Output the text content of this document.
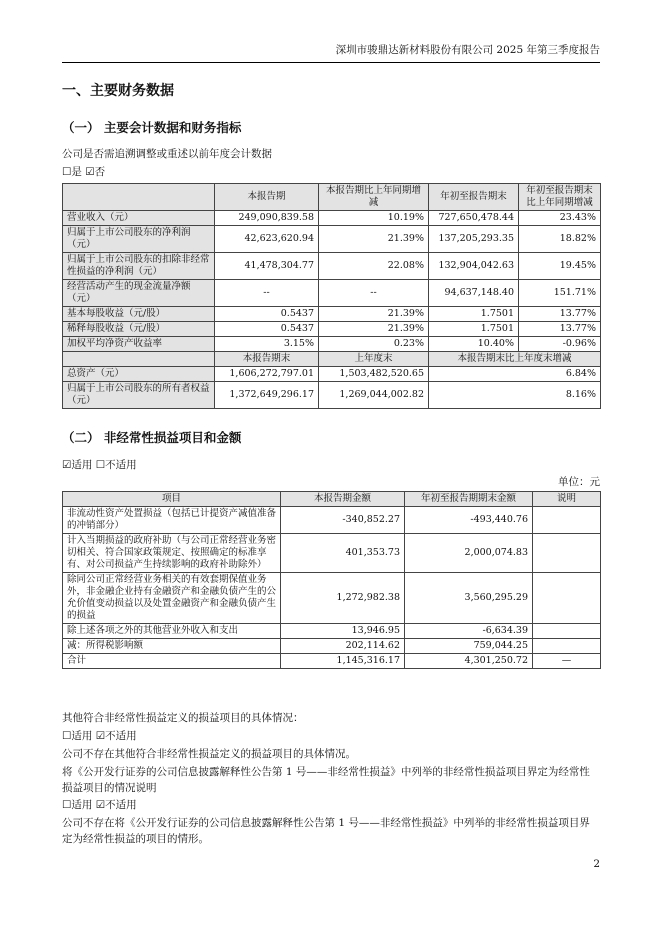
深圳市骏鼎达新材料股份有限公司 2025 年第三季度报告
一、主要财务数据
（一） 主要会计数据和财务指标
公司是否需追溯调整或重述以前年度会计数据
☐是 ☑否
	本报告期	本报告期比上年同期增减	年初至报告期末	年初至报告期末比上年同期增减
营业收入（元）	249,090,839.58	10.19%	727,650,478.44	23.43%
归属于上市公司股东的净利润（元）	42,623,620.94	21.39%	137,205,293.35	18.82%
归属于上市公司股东的扣除非经常性损益的净利润（元）	41,478,304.77	22.08%	132,904,042.63	19.45%
经营活动产生的现金流量净额（元）	--	--	94,637,148.40	151.71%
基本每股收益（元/股）	0.5437	21.39%	1.7501	13.77%
稀释每股收益（元/股）	0.5437	21.39%	1.7501	13.77%
加权平均净资产收益率	3.15%	0.23%	10.40%	-0.96%
	本报告期末	上年度末	本报告期末比上年度末增减	
总资产（元）	1,606,272,797.01	1,503,482,520.65	6.84%	
归属于上市公司股东的所有者权益（元）	1,372,649,296.17	1,269,044,002.82	8.16%	
（二） 非经常性损益项目和金额
☑适用 ☐不适用
单位：元
项目	本报告期金额	年初至报告期期末金额	说明
非流动性资产处置损益（包括已计提资产减值准备的冲销部分）	-340,852.27	-493,440.76	
计入当期损益的政府补助（与公司正常经营业务密切相关、符合国家政策规定、按照确定的标准享有、对公司损益产生持续影响的政府补助除外）	401,353.73	2,000,074.83	
除同公司正常经营业务相关的有效套期保值业务外，非金融企业持有金融资产和金融负债产生的公允价值变动损益以及处置金融资产和金融负债产生的损益	1,272,982.38	3,560,295.29	
除上述各项之外的其他营业外收入和支出	13,946.95	-6,634.39	
减：所得税影响额	202,114.62	759,044.25	
合计	1,145,316.17	4,301,250.72	—
其他符合非经常性损益定义的损益项目的具体情况：
☐适用 ☑不适用
公司不存在其他符合非经常性损益定义的损益项目的具体情况。
将《公开发行证券的公司信息披露解释性公告第 1 号——非经常性损益》中列举的非经常性损益项目界定为经常性损益项目的情况说明
☐适用 ☑不适用
公司不存在将《公开发行证券的公司信息披露解释性公告第 1 号——非经常性损益》中列举的非经常性损益项目界定为经常性损益的项目的情形。
2
